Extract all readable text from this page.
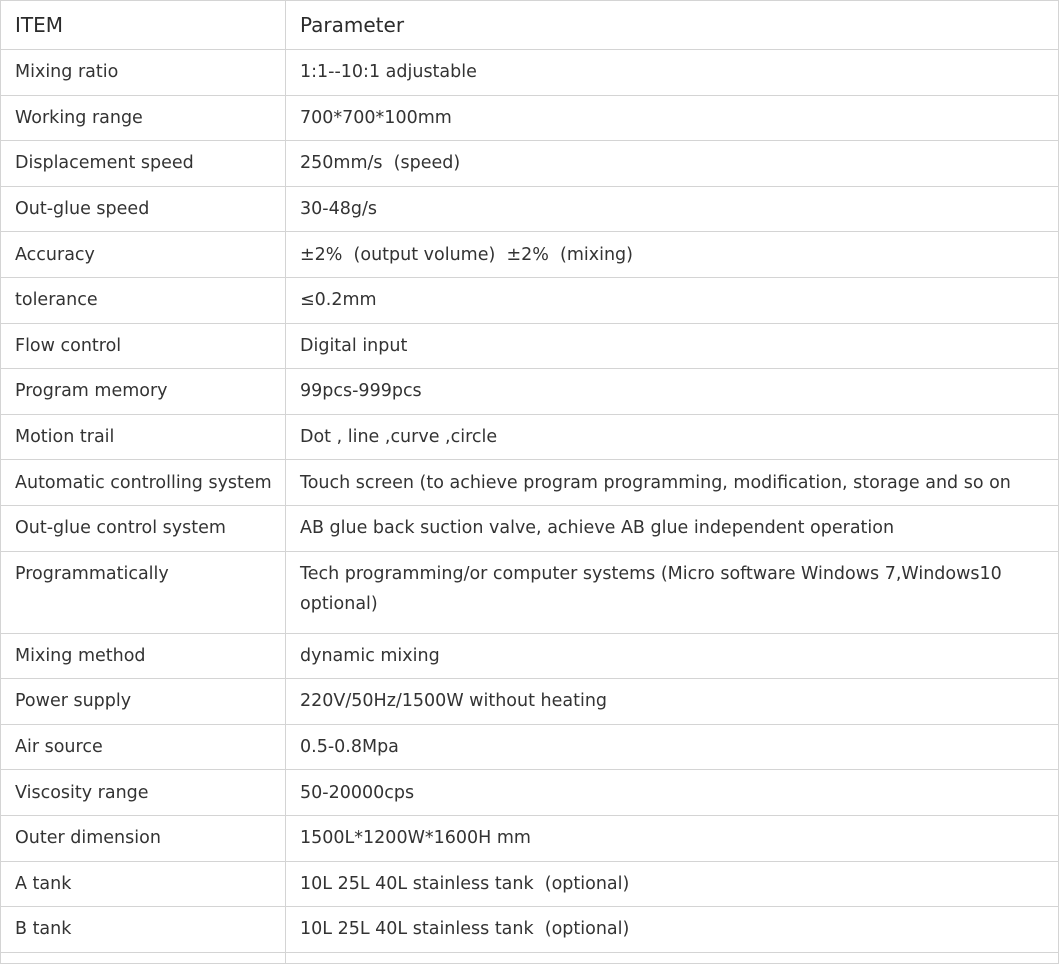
ITEM	Parameter
Mixing ratio	1:1--10:1 adjustable
Working range	700*700*100mm
Displacement speed	250mm/s  (speed)
Out-glue speed	30-48g/s
Accuracy	±2%  (output volume)  ±2%  (mixing)
tolerance	≤0.2mm
Flow control	Digital input
Program memory	99pcs-999pcs
Motion trail	Dot , line ,curve ,circle
Automatic controlling system	Touch screen (to achieve program programming, modification, storage and so on
Out-glue control system	AB glue back suction valve, achieve AB glue independent operation
Programmatically	Tech programming/or computer systems (Micro software Windows 7,Windows10 optional)
Mixing method	dynamic mixing
Power supply	220V/50Hz/1500W without heating
Air source	0.5-0.8Mpa
Viscosity range	50-20000cps
Outer dimension	1500L*1200W*1600H mm
A tank	10L 25L 40L stainless tank  (optional)
B tank	10L 25L 40L stainless tank  (optional)
